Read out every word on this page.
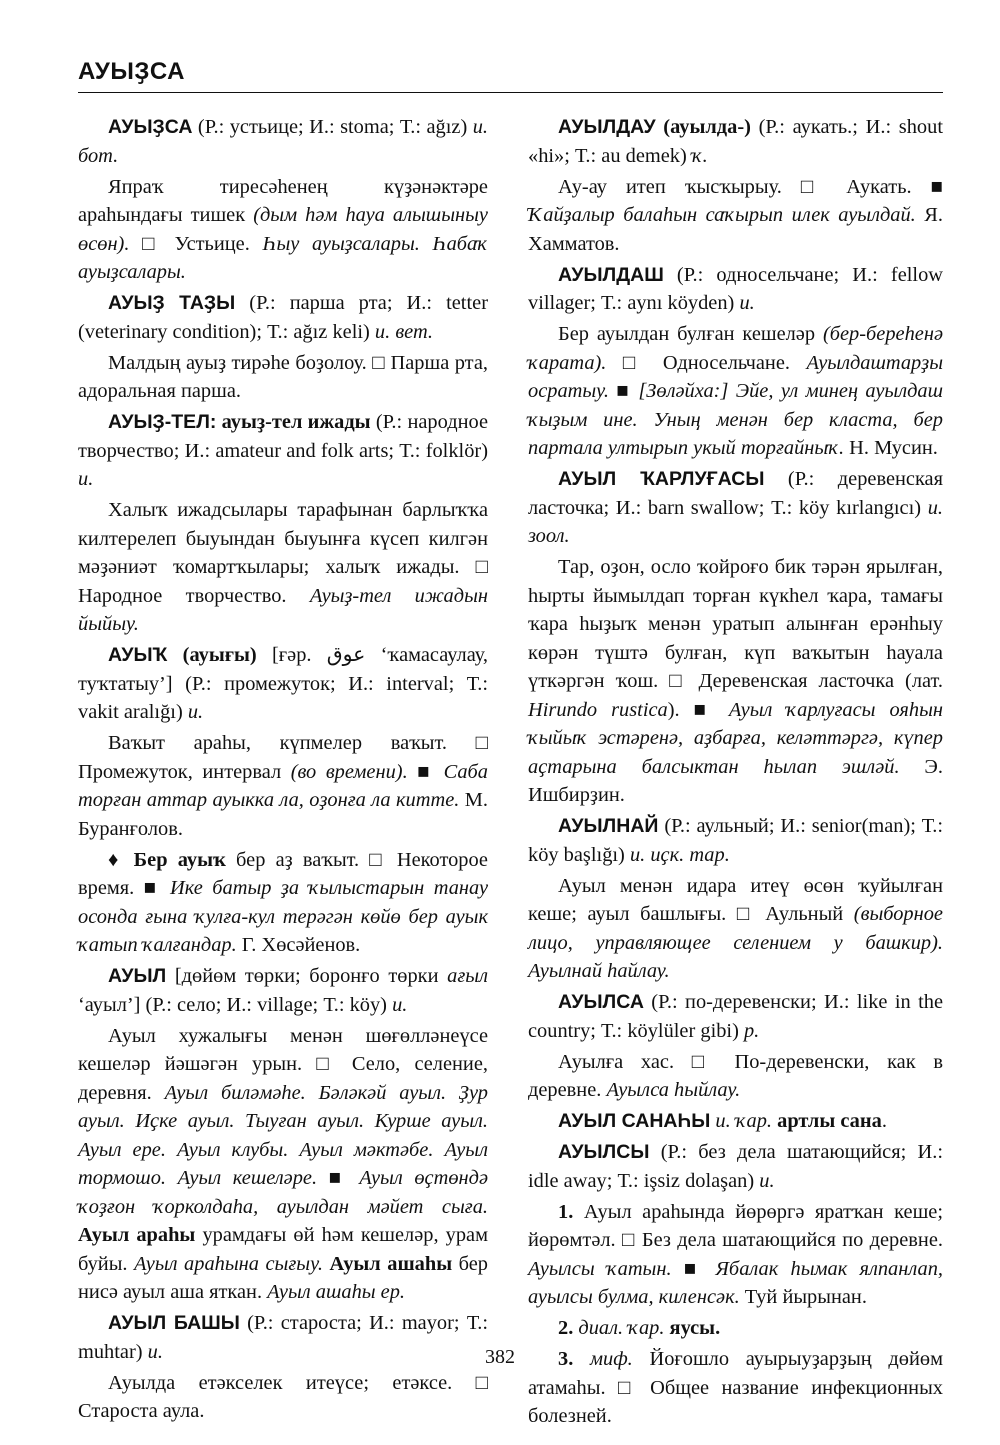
АУЫҘСА

АУЫҘСА (Р.: устьице; И.: stoma; Т.: ağız) и. бот.

Япраҡ тиресәһенең күҙәнәктәре араһындағы тишек (дым һәм һауа алышыныу өсөн). □ Устьице. Һыу ауыҙсалары. Һабаҡ ауыҙсалары.

АУЫҘ ТАҘЫ (Р.: парша рта; И.: tetter (veterinary condition); Т.: ağız keli) и. вет.

Малдың ауыҙ тирәһе боҙолоу. □ Парша рта, адоральная парша.

АУЫҘ-ТЕЛ: ауыҙ-тел ижады (Р.: народное творчество; И.: amateur and folk arts; Т.: folklör) и.

Халыҡ ижадсылары тарафынан барлыҡҡа килтерелеп быуындан быуынға күсеп килгән мәҙәниәт ҡомартҡылары; халыҡ ижады. □ Народное творчество. Ауыҙ-тел ижадын йыйыу.

АУЫҠ (ауығы) [ғәр. عوق ‘ҡамасаулау, туҡтатыу’] (Р.: промежуток; И.: interval; Т.: vakit aralığı) и.

Ваҡыт араһы, күпмелер ваҡыт. □ Промежуток, интервал (во времени). ■ Саба торған аттар ауыкка ла, оҙонға ла китте. М. Буранғолов.

♦ Бер ауыҡ бер аҙ ваҡыт. □ Некоторое время. ■ Ике батыр ҙа ҡылыстарын танау осонда ғына ҡулға-кул терәгән көйө бер ауык ҡатып ҡалғандар. Г. Хөсәйенов.

АУЫЛ [дөйөм төрки; боронғо төрки ағыл ‘ауыл’] (Р.: село; И.: village; Т.: köy) и.

Ауыл хужалығы менән шөғөлләнеүсе кешеләр йәшәгән урын. □ Село, селение, деревня. Ауыл биләмәһе. Бәләкәй ауыл. Ҙур ауыл. Иҫке ауыл. Тыуған ауыл. Курше ауыл. Ауыл ере. Ауыл клубы. Ауыл мәктәбе. Ауыл тормошо. Ауыл кешеләре. ■ Ауыл өҫтөндә ҡоҙғон ҡорколдаһа, ауылдан мәйет сыға. Ауыл араһы урамдағы өй һәм кешеләр, урам буйы. Ауыл араһына сығыу. Ауыл ашаһы бер нисә ауыл аша яткан. Ауыл ашаһы ер.

АУЫЛ БАШЫ (Р.: староста; И.: mayor; Т.: muhtar) и.

Ауылда етәкселек итеүсе; етәксе. □ Староста аула.

АУЫЛДАУ (ауылда-) (Р.: аукать.; И.: shout «hi»; Т.: au demek) ҡ.

Ау-ау итеп ҡысҡырыу. □ Аукать. ■ Ҡайҙалыр балаһын саҡырып илек ауылдай. Я. Хамматов.

АУЫЛДАШ (Р.: односельчане; И.: fellow villager; Т.: aynı köyden) и.

Бер ауылдан булған кешеләр (бер-береһенә ҡарата). □ Односельчане. Ауылдаштарҙы осратыу. ■ [Зөләйха:] Эйе, ул минең ауылдаш ҡыҙым ине. Уның менән бер класта, бер партала ултырып укый торғайныҡ. Н. Мусин.

АУЫЛ ҠАРЛУҒАСЫ (Р.: деревенская ласточка; И.: barn swallow; Т.: köy kırlangıcı) и. зоол.

Тар, оҙон, осло ҡойроғо бик тәрән ярылған, һырты йымылдап торған күкһел ҡара, тамағы ҡара һыҙыҡ менән уратып алынған ерәнһыу көрән түштә булған, күп ваҡытын һауала үткәргән ҡош. □ Деревенская ласточка (лат. Hirundo rustica). ■ Ауыл ҡарлуғасы ояһын ҡыйыҡ эстәренә, аҙбарға, келәттәргә, күпер аҫтарына балсыктан һылап эшләй. Э. Ишбирҙин.

АУЫЛНАЙ (Р.: аульный; И.: senior(man); Т.: köy başlığı) и. иҫк. тар.

Ауыл менән идара итеү өсөн ҡуйылған кеше; ауыл башлығы. □ Аульный (выборное лицо, управляющее селением у башкир). Ауылнай һайлау.

АУЫЛСА (Р.: по-деревенски; И.: like in the country; Т.: köylüler gibi) р.

Ауылға хас. □ По-деревенски, как в деревне. Ауылса һыйлау.

АУЫЛ САНАҺЫ и. ҡар. артлы сана.

АУЫЛСЫ (Р.: без дела шатающийся; И.: idle away; Т.: işsiz dolaşan) и.

1. Ауыл араһында йөрөргә яратҡан кеше; йөрөмтәл. □ Без дела шатающийся по деревне. Ауылсы ҡатын. ■ Ябалак һымак ялпанлап, ауылсы булма, киленсәк. Туй йырынан.

2. диал. ҡар. яусы.

3. миф. Йоғошло ауырыуҙарҙың дөйөм атамаһы. □ Общее название инфекционных болезней.

382
